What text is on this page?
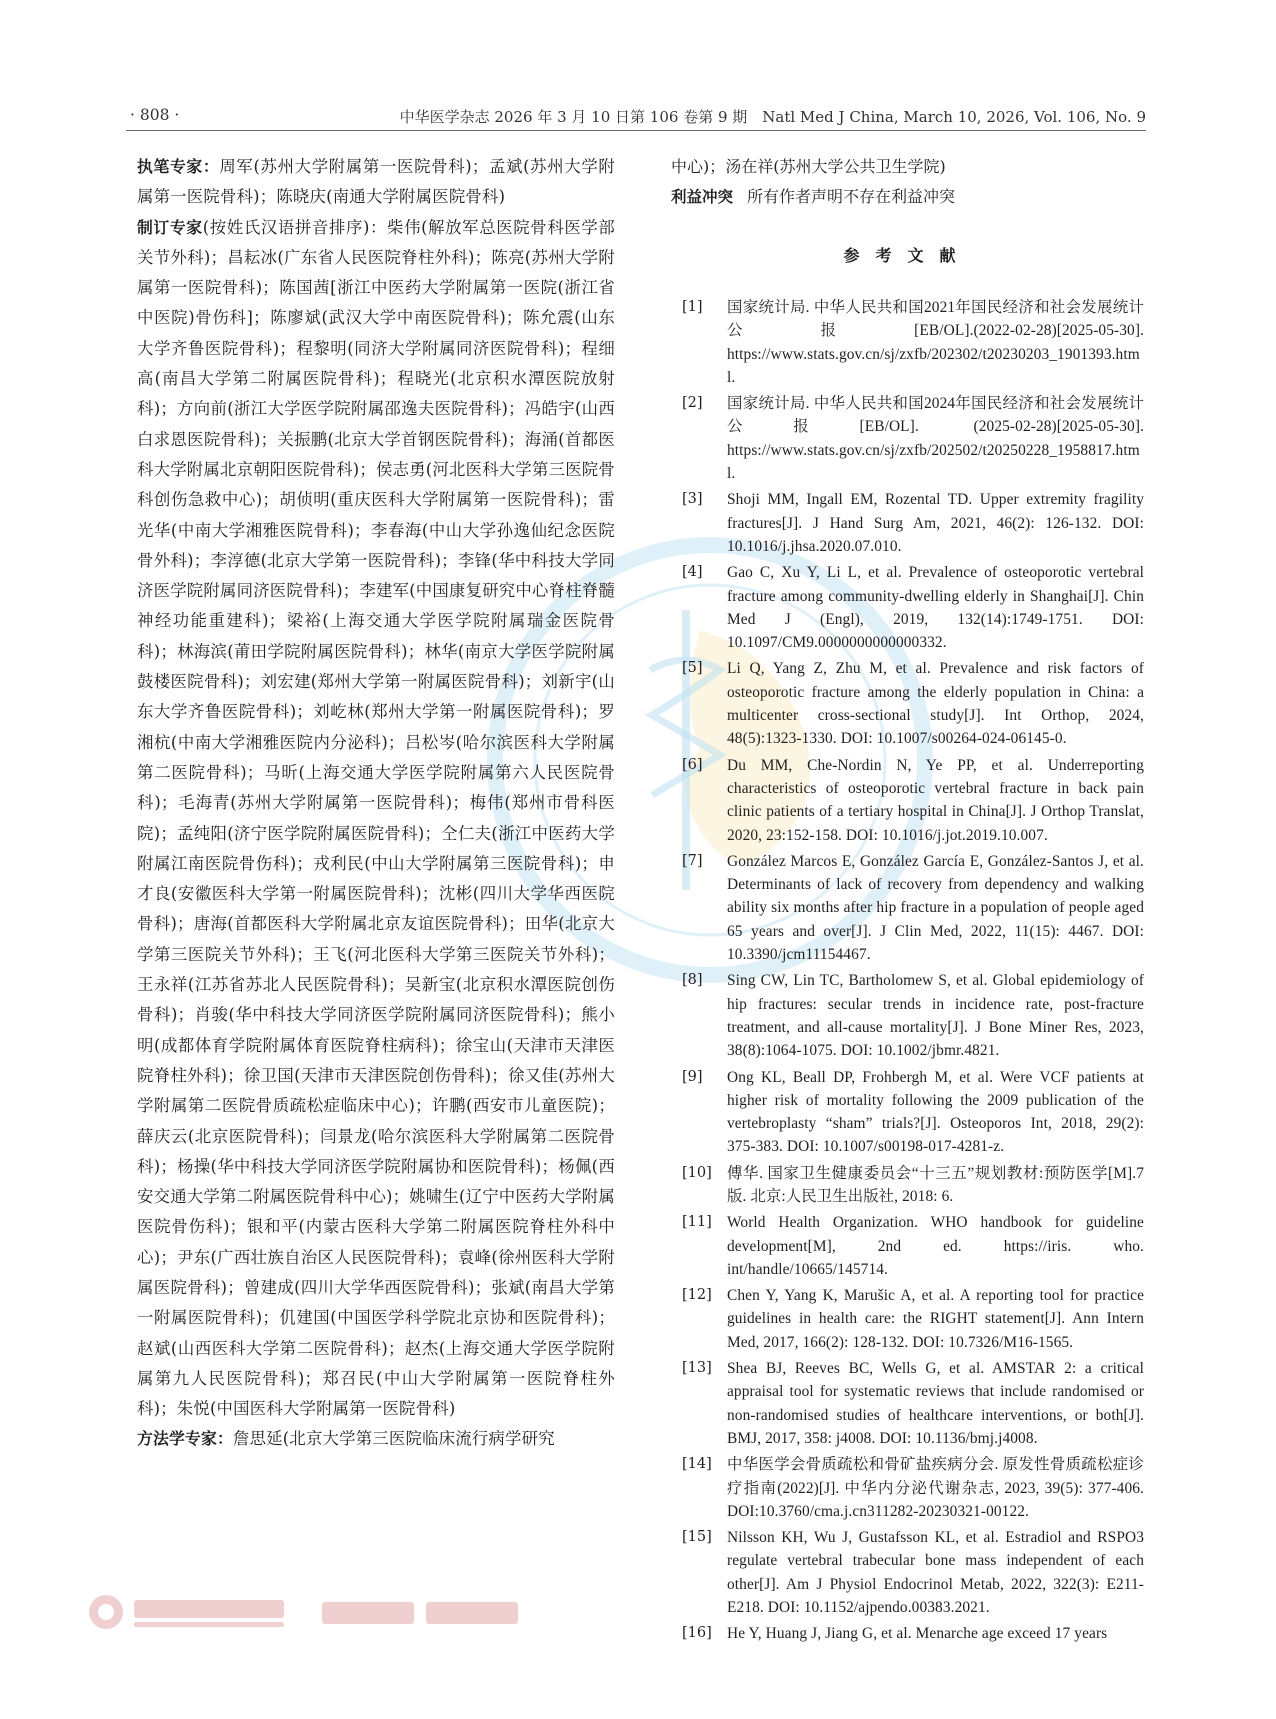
· 808 ·	中华医学杂志 2026 年 3 月 10 日第 106 卷第 9 期　Natl Med J China, March 10, 2026, Vol. 106, No. 9

执笔专家：周军(苏州大学附属第一医院骨科)；孟斌(苏州大学附属第一医院骨科)；陈晓庆(南通大学附属医院骨科)

制订专家(按姓氏汉语拼音排序)：柴伟(解放军总医院骨科医学部关节外科)；昌耘冰(广东省人民医院脊柱外科)；陈亮(苏州大学附属第一医院骨科)；陈国茜[浙江中医药大学附属第一医院(浙江省中医院)骨伤科]；陈廖斌(武汉大学中南医院骨科)；陈允震(山东大学齐鲁医院骨科)；程黎明(同济大学附属同济医院骨科)；程细高(南昌大学第二附属医院骨科)；程晓光(北京积水潭医院放射科)；方向前(浙江大学医学院附属邵逸夫医院骨科)；冯皓宇(山西白求恩医院骨科)；关振鹏(北京大学首钢医院骨科)；海涌(首都医科大学附属北京朝阳医院骨科)；侯志勇(河北医科大学第三医院骨科创伤急救中心)；胡侦明(重庆医科大学附属第一医院骨科)；雷光华(中南大学湘雅医院骨科)；李春海(中山大学孙逸仙纪念医院骨外科)；李淳德(北京大学第一医院骨科)；李锋(华中科技大学同济医学院附属同济医院骨科)；李建军(中国康复研究中心脊柱脊髓神经功能重建科)；梁裕(上海交通大学医学院附属瑞金医院骨科)；林海滨(莆田学院附属医院骨科)；林华(南京大学医学院附属鼓楼医院骨科)；刘宏建(郑州大学第一附属医院骨科)；刘新宇(山东大学齐鲁医院骨科)；刘屹林(郑州大学第一附属医院骨科)；罗湘杭(中南大学湘雅医院内分泌科)；吕松岑(哈尔滨医科大学附属第二医院骨科)；马昕(上海交通大学医学院附属第六人民医院骨科)；毛海青(苏州大学附属第一医院骨科)；梅伟(郑州市骨科医院)；孟纯阳(济宁医学院附属医院骨科)；仝仁夫(浙江中医药大学附属江南医院骨伤科)；戎利民(中山大学附属第三医院骨科)；申才良(安徽医科大学第一附属医院骨科)；沈彬(四川大学华西医院骨科)；唐海(首都医科大学附属北京友谊医院骨科)；田华(北京大学第三医院关节外科)；王飞(河北医科大学第三医院关节外科)；王永祥(江苏省苏北人民医院骨科)；吴新宝(北京积水潭医院创伤骨科)；肖骏(华中科技大学同济医学院附属同济医院骨科)；熊小明(成都体育学院附属体育医院脊柱病科)；徐宝山(天津市天津医院脊柱外科)；徐卫国(天津市天津医院创伤骨科)；徐又佳(苏州大学附属第二医院骨质疏松症临床中心)；许鹏(西安市儿童医院)；薛庆云(北京医院骨科)；闫景龙(哈尔滨医科大学附属第二医院骨科)；杨操(华中科技大学同济医学院附属协和医院骨科)；杨佩(西安交通大学第二附属医院骨科中心)；姚啸生(辽宁中医药大学附属医院骨伤科)；银和平(内蒙古医科大学第二附属医院脊柱外科中心)；尹东(广西壮族自治区人民医院骨科)；袁峰(徐州医科大学附属医院骨科)；曾建成(四川大学华西医院骨科)；张斌(南昌大学第一附属医院骨科)；仉建国(中国医学科学院北京协和医院骨科)；赵斌(山西医科大学第二医院骨科)；赵杰(上海交通大学医学院附属第九人民医院骨科)；郑召民(中山大学附属第一医院脊柱外科)；朱悦(中国医科大学附属第一医院骨科)

方法学专家：詹思延(北京大学第三医院临床流行病学研究

中心)；汤在祥(苏州大学公共卫生学院)

利益冲突 所有作者声明不存在利益冲突

参考文献
[1]	国家统计局. 中华人民共和国2021年国民经济和社会发展统计公报[EB/OL].(2022-02-28)[2025-05-30]. https://www.stats.gov.cn/sj/zxfb/202302/t20230203_1901393.html.
[2]	国家统计局. 中华人民共和国2024年国民经济和社会发展统计公报[EB/OL]. (2025-02-28)[2025-05-30]. https://www.stats.gov.cn/sj/zxfb/202502/t20250228_1958817.html.
[3]	Shoji MM, Ingall EM, Rozental TD. Upper extremity fragility fractures[J]. J Hand Surg Am, 2021, 46(2): 126-132. DOI: 10.1016/j.jhsa.2020.07.010.
[4]	Gao C, Xu Y, Li L, et al. Prevalence of osteoporotic vertebral fracture among community-dwelling elderly in Shanghai[J]. Chin Med J (Engl), 2019, 132(14):1749-1751. DOI: 10.1097/CM9.0000000000000332.
[5]	Li Q, Yang Z, Zhu M, et al. Prevalence and risk factors of osteoporotic fracture among the elderly population in China: a multicenter cross-sectional study[J]. Int Orthop, 2024, 48(5):1323-1330. DOI: 10.1007/s00264-024-06145-0.
[6]	Du MM, Che-Nordin N, Ye PP, et al. Underreporting characteristics of osteoporotic vertebral fracture in back pain clinic patients of a tertiary hospital in China[J]. J Orthop Translat, 2020, 23:152-158. DOI: 10.1016/j.jot.2019.10.007.
[7]	González Marcos E, González García E, González-Santos J, et al. Determinants of lack of recovery from dependency and walking ability six months after hip fracture in a population of people aged 65 years and over[J]. J Clin Med, 2022, 11(15): 4467. DOI: 10.3390/jcm11154467.
[8]	Sing CW, Lin TC, Bartholomew S, et al. Global epidemiology of hip fractures: secular trends in incidence rate, post-fracture treatment, and all-cause mortality[J]. J Bone Miner Res, 2023, 38(8):1064-1075. DOI: 10.1002/jbmr.4821.
[9]	Ong KL, Beall DP, Frohbergh M, et al. Were VCF patients at higher risk of mortality following the 2009 publication of the vertebroplasty “sham” trials?[J]. Osteoporos Int, 2018, 29(2): 375-383. DOI: 10.1007/s00198-017-4281-z.
[10] 傅华. 国家卫生健康委员会“十三五”规划教材:预防医学[M].7版. 北京:人民卫生出版社, 2018: 6.
[11] World Health Organization. WHO handbook for guideline development[M], 2nd ed. https://iris. who. int/handle/10665/145714.
[12] Chen Y, Yang K, Marušic A, et al. A reporting tool for practice guidelines in health care: the RIGHT statement[J]. Ann Intern Med, 2017, 166(2): 128-132. DOI: 10.7326/M16-1565.
[13] Shea BJ, Reeves BC, Wells G, et al. AMSTAR 2: a critical appraisal tool for systematic reviews that include randomised or non-randomised studies of healthcare interventions, or both[J]. BMJ, 2017, 358: j4008. DOI: 10.1136/bmj.j4008.
[14] 中华医学会骨质疏松和骨矿盐疾病分会. 原发性骨质疏松症诊疗指南(2022)[J]. 中华内分泌代谢杂志, 2023, 39(5): 377-406. DOI:10.3760/cma.j.cn311282-20230321-00122.
[15] Nilsson KH, Wu J, Gustafsson KL, et al. Estradiol and RSPO3 regulate vertebral trabecular bone mass independent of each other[J]. Am J Physiol Endocrinol Metab, 2022, 322(3): E211-E218. DOI: 10.1152/ajpendo.00383.2021.
[16] He Y, Huang J, Jiang G, et al. Menarche age exceed 17 years
